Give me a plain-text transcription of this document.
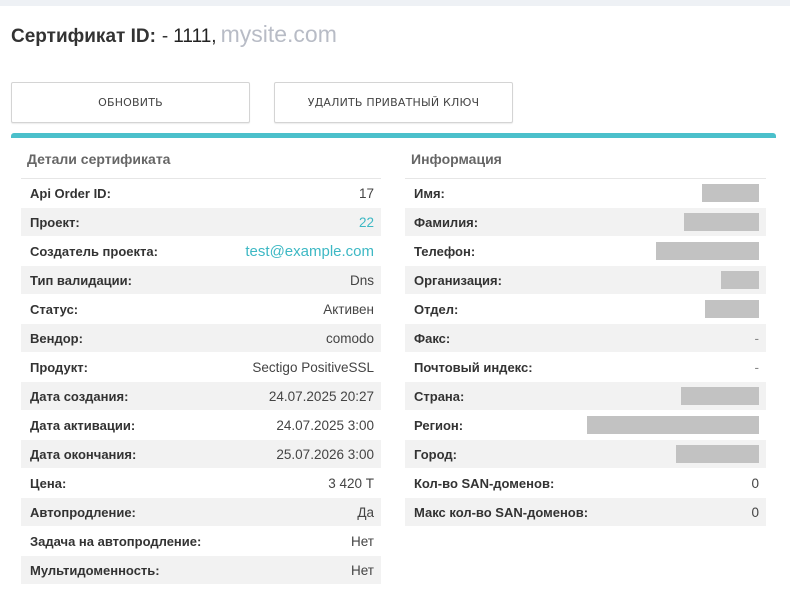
Сертификат ID: - 1111 , mysite.com
ОБНОВИТЬ	УДАЛИТЬ ПРИВАТНЫЙ КЛЮЧ
Детали сертификата
Api Order ID:	17
Проект:	22
Создатель проекта:	test@example.com
Тип валидации:	Dns
Статус:	Активен
Вендор:	comodo
Продукт:	Sectigo PositiveSSL
Дата создания:	24.07.2025 20:27
Дата активации:	24.07.2025 3:00
Дата окончания:	25.07.2026 3:00
Цена:	3 420 Т
Автопродление:	Да
Задача на автопродление:	Нет
Мультидоменность:	Нет
Информация
Имя:
Фамилия:
Телефон:
Организация:
Отдел:
Факс:	-
Почтовый индекс:	-
Страна:
Регион:
Город:
Кол-во SAN-доменов:	0
Макс кол-во SAN-доменов:	0
